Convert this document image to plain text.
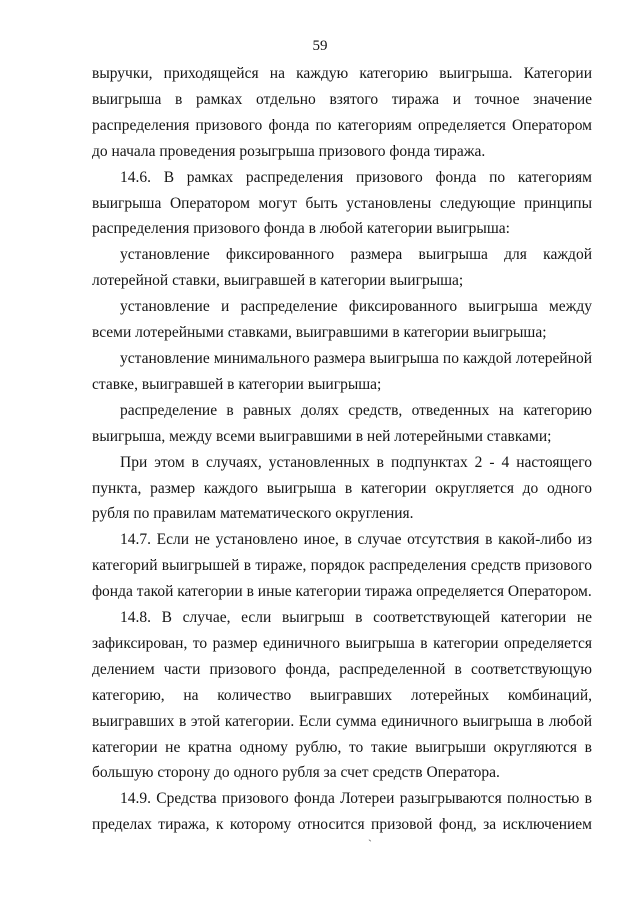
59

выручки, приходящейся на каждую категорию выигрыша. Категории выигрыша в рамках отдельно взятого тиража и точное значение распределения призового фонда по категориям определяется Оператором до начала проведения розыгрыша призового фонда тиража.

14.6. В рамках распределения призового фонда по категориям выигрыша Оператором могут быть установлены следующие принципы распределения призового фонда в любой категории выигрыша:

установление фиксированного размера выигрыша для каждой лотерейной ставки, выигравшей в категории выигрыша;

установление и распределение фиксированного выигрыша между всеми лотерейными ставками, выигравшими в категории выигрыша;

установление минимального размера выигрыша по каждой лотерейной ставке, выигравшей в категории выигрыша;

распределение в равных долях средств, отведенных на категорию выигрыша, между всеми выигравшими в ней лотерейными ставками;

При этом в случаях, установленных в подпунктах 2 - 4 настоящего пункта, размер каждого выигрыша в категории округляется до одного рубля по правилам математического округления.

14.7. Если не установлено иное, в случае отсутствия в какой-либо из категорий выигрышей в тираже, порядок распределения средств призового фонда такой категории в иные категории тиража определяется Оператором.

14.8. В случае, если выигрыш в соответствующей категории не зафиксирован, то размер единичного выигрыша в категории определяется делением части призового фонда, распределенной в соответствующую категорию, на количество выигравших лотерейных комбинаций, выигравших в этой категории. Если сумма единичного выигрыша в любой категории не кратна одному рублю, то такие выигрыши округляются в большую сторону до одного рубля за счет средств Оператора.

14.9. Средства призового фонда Лотереи разыгрываются полностью в пределах тиража, к которому относится призовой фонд, за исключением

`
